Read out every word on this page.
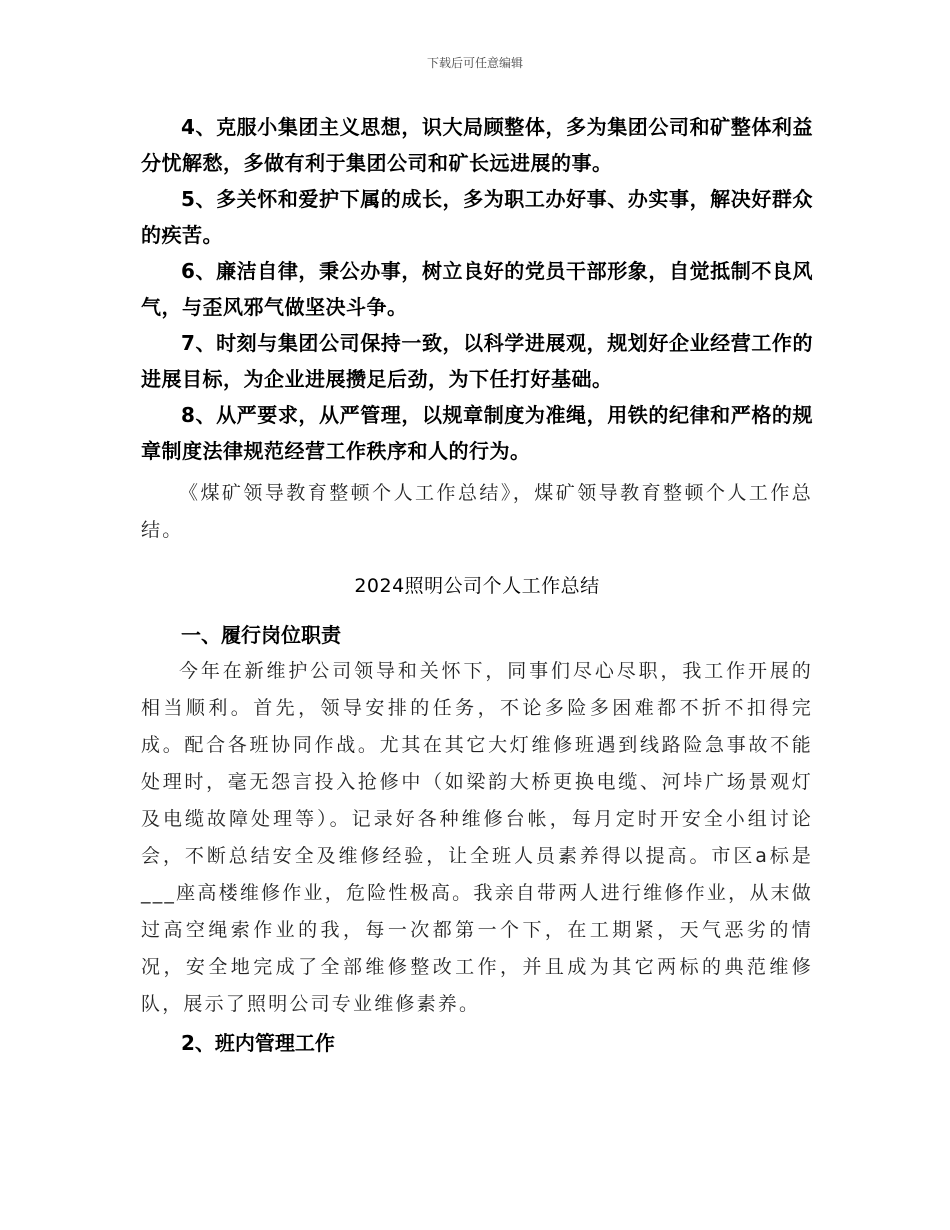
下载后可任意编辑

4、克服小集团主义思想，识大局顾整体，多为集团公司和矿整体利益分忧解愁，多做有利于集团公司和矿长远进展的事。

5、多关怀和爱护下属的成长，多为职工办好事、办实事，解决好群众的疾苦。

6、廉洁自律，秉公办事，树立良好的党员干部形象，自觉抵制不良风气，与歪风邪气做坚决斗争。

7、时刻与集团公司保持一致，以科学进展观，规划好企业经营工作的进展目标，为企业进展攒足后劲，为下任打好基础。

8、从严要求，从严管理，以规章制度为准绳，用铁的纪律和严格的规章制度法律规范经营工作秩序和人的行为。

《煤矿领导教育整顿个人工作总结》，煤矿领导教育整顿个人工作总结。

2024照明公司个人工作总结

一、履行岗位职责

今年在新维护公司领导和关怀下，同事们尽心尽职，我工作开展的相当顺利。首先，领导安排的任务，不论多险多困难都不折不扣得完成。配合各班协同作战。尤其在其它大灯维修班遇到线路险急事故不能处理时，毫无怨言投入抢修中（如梁韵大桥更换电缆、河垰广场景观灯及电缆故障处理等）。记录好各种维修台帐，每月定时开安全小组讨论会，不断总结安全及维修经验，让全班人员素养得以提高。市区a标是___座高楼维修作业，危险性极高。我亲自带两人进行维修作业，从末做过高空绳索作业的我，每一次都第一个下，在工期紧，天气恶劣的情况，安全地完成了全部维修整改工作，并且成为其它两标的典范维修队，展示了照明公司专业维修素养。

2、班内管理工作
